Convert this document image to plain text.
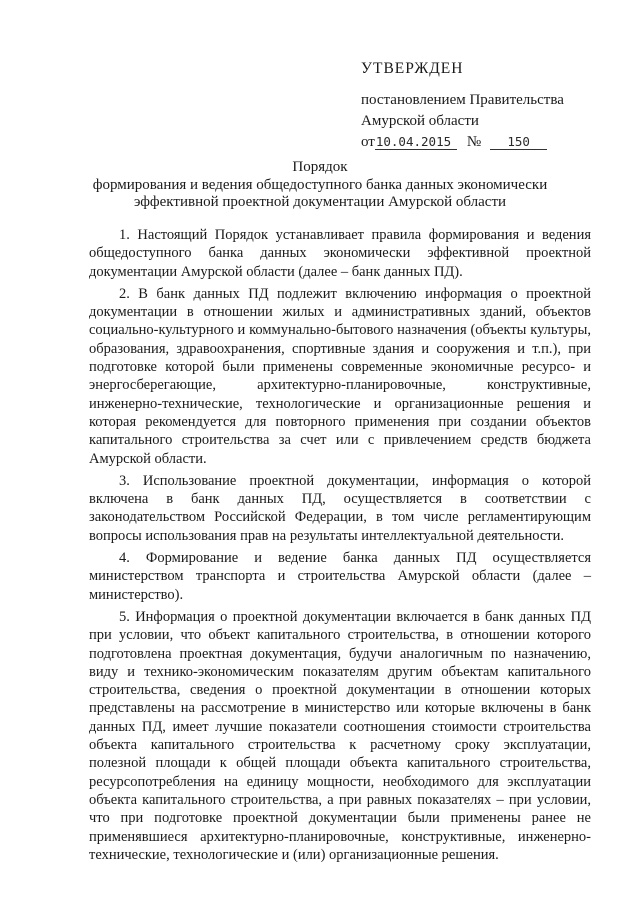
УТВЕРЖДЕН
постановлением Правительства
Амурской области
от10.04.2015 № 150
Порядок
формирования и ведения общедоступного банка данных экономически
эффективной проектной документации Амурской области

1. Настоящий Порядок устанавливает правила формирования и ведения общедоступного банка данных экономически эффективной проектной документации Амурской области (далее – банк данных ПД).

2. В банк данных ПД подлежит включению информация о проектной документации в отношении жилых и административных зданий, объектов социально-культурного и коммунально-бытового назначения (объекты культуры, образования, здравоохранения, спортивные здания и сооружения и т.п.), при подготовке которой были применены современные экономичные ресурсо- и энергосберегающие, архитектурно-планировочные, конструктивные, инженерно-технические, технологические и организационные решения и которая рекомендуется для повторного применения при создании объектов капитального строительства за счет или с привлечением средств бюджета Амурской области.

3. Использование проектной документации, информация о которой включена в банк данных ПД, осуществляется в соответствии с законодательством Российской Федерации, в том числе регламентирующим вопросы использования прав на результаты интеллектуальной деятельности.

4. Формирование и ведение банка данных ПД осуществляется министерством транспорта и строительства Амурской области (далее – министерство).

5. Информация о проектной документации включается в банк данных ПД при условии, что объект капитального строительства, в отношении которого подготовлена проектная документация, будучи аналогичным по назначению, виду и технико-экономическим показателям другим объектам капитального строительства, сведения о проектной документации в отношении которых представлены на рассмотрение в министерство или которые включены в банк данных ПД, имеет лучшие показатели соотношения стоимости строительства объекта капитального строительства к расчетному сроку эксплуатации, полезной площади к общей площади объекта капитального строительства, ресурсопотребления на единицу мощности, необходимого для эксплуатации объекта капитального строительства, а при равных показателях – при условии, что при подготовке проектной документации были применены ранее не применявшиеся архитектурно-планировочные, конструктивные, инженерно-технические, технологические и (или) организационные решения.
